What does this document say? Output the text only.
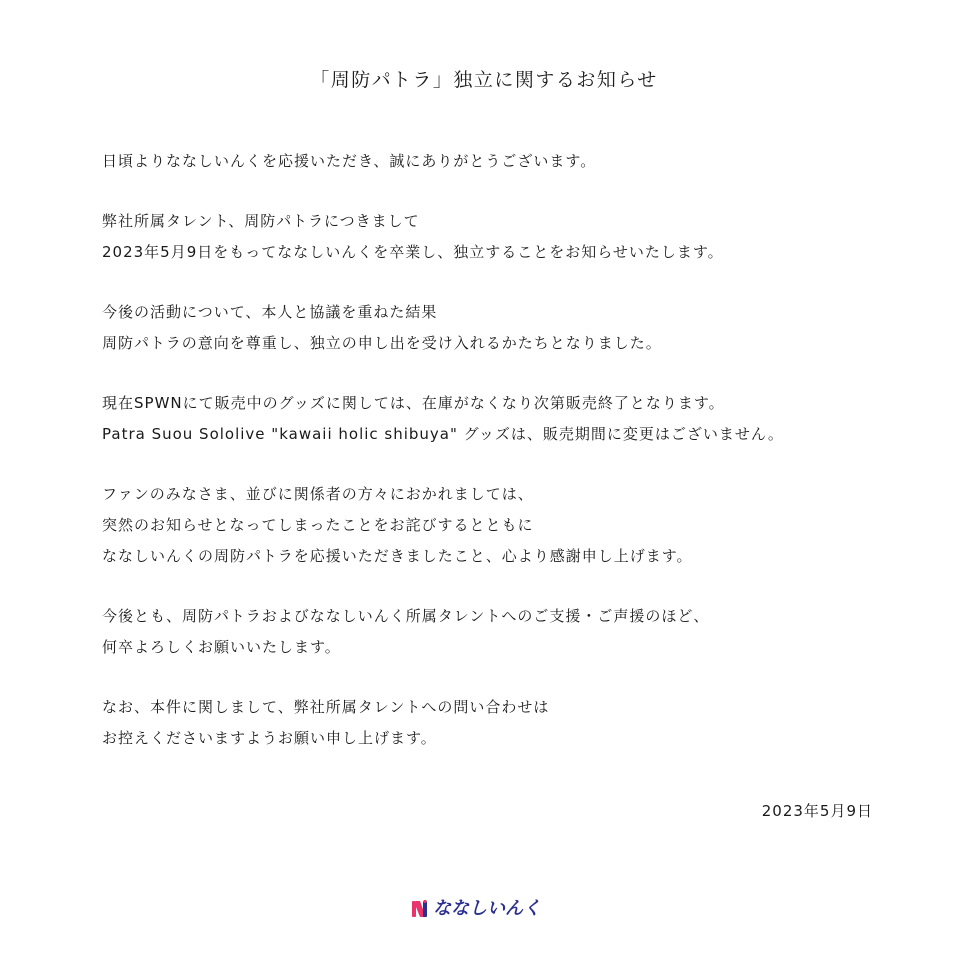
「周防パトラ」独立に関するお知らせ
日頃よりななしいんくを応援いただき、誠にありがとうございます。
弊社所属タレント、周防パトラにつきまして
2023年5月9日をもってななしいんくを卒業し、独立することをお知らせいたします。
今後の活動について、本人と協議を重ねた結果
周防パトラの意向を尊重し、独立の申し出を受け入れるかたちとなりました。
現在SPWNにて販売中のグッズに関しては、在庫がなくなり次第販売終了となります。
Patra Suou Sololive "kawaii holic shibuya" グッズは、販売期間に変更はございません。
ファンのみなさま、並びに関係者の方々におかれましては、
突然のお知らせとなってしまったことをお詫びするとともに
ななしいんくの周防パトラを応援いただきましたこと、心より感謝申し上げます。
今後とも、周防パトラおよびななしいんく所属タレントへのご支援・ご声援のほど、
何卒よろしくお願いいたします。
なお、本件に関しまして、弊社所属タレントへの問い合わせは
お控えくださいますようお願い申し上げます。
2023年5月9日
ななしいんく
